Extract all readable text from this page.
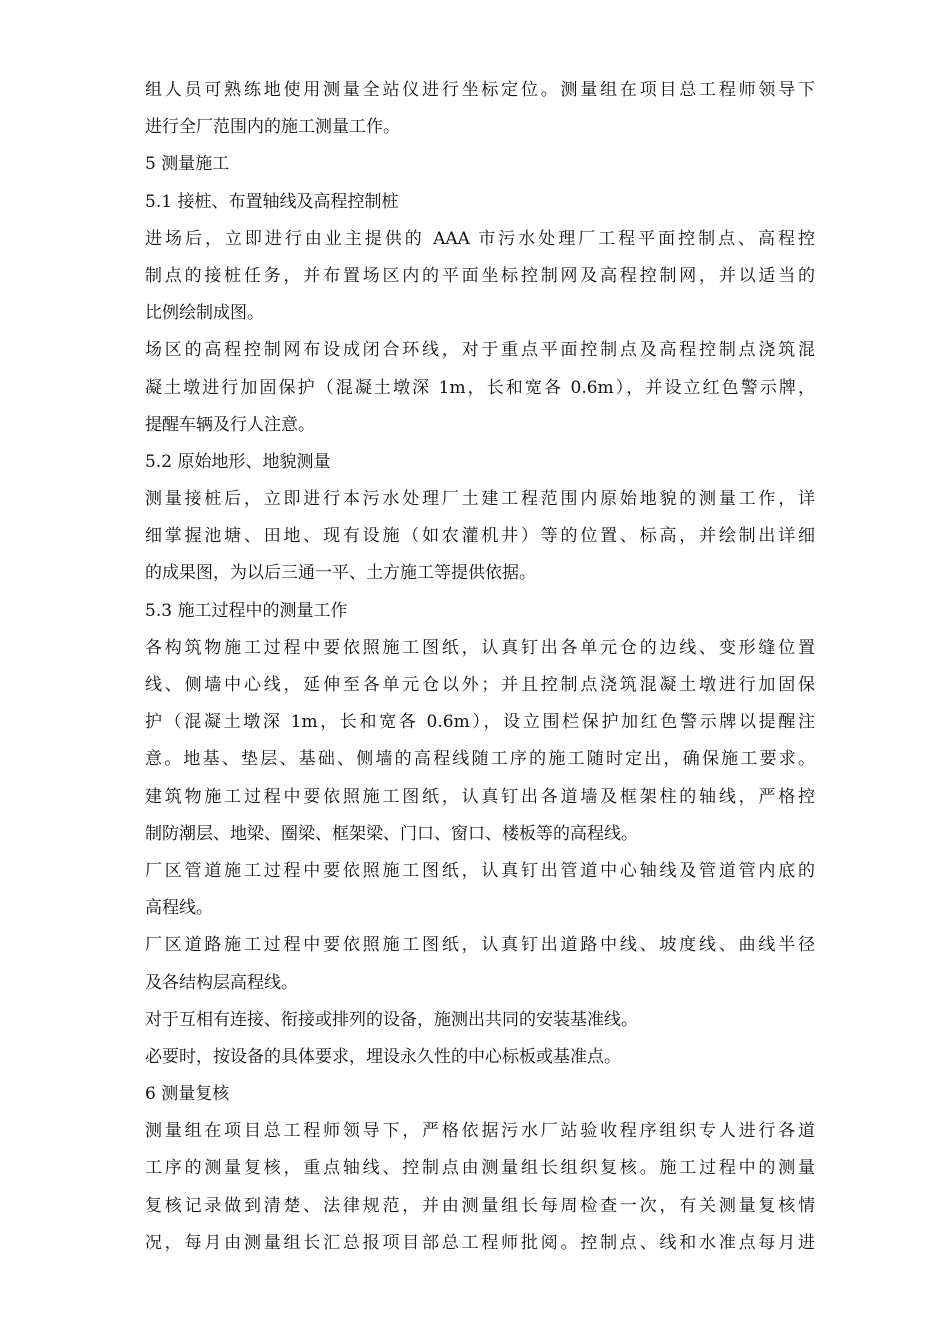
组人员可熟练地使用测量全站仪进行坐标定位。测量组在项目总工程师领导下
进行全厂范围内的施工测量工作。
5 测量施工
5.1 接桩、布置轴线及高程控制桩
进场后，立即进行由业主提供的 AAA 市污水处理厂工程平面控制点、高程控
制点的接桩任务，并布置场区内的平面坐标控制网及高程控制网，并以适当的
比例绘制成图。
场区的高程控制网布设成闭合环线，对于重点平面控制点及高程控制点浇筑混
凝土墩进行加固保护（混凝土墩深 1m，长和宽各 0.6m），并设立红色警示牌，
提醒车辆及行人注意。
5.2 原始地形、地貌测量
测量接桩后，立即进行本污水处理厂土建工程范围内原始地貌的测量工作，详
细掌握池塘、田地、现有设施（如农灌机井）等的位置、标高，并绘制出详细
的成果图，为以后三通一平、土方施工等提供依据。
5.3 施工过程中的测量工作
各构筑物施工过程中要依照施工图纸，认真钉出各单元仓的边线、变形缝位置
线、侧墙中心线，延伸至各单元仓以外；并且控制点浇筑混凝土墩进行加固保
护（混凝土墩深 1m，长和宽各 0.6m），设立围栏保护加红色警示牌以提醒注
意。地基、垫层、基础、侧墙的高程线随工序的施工随时定出，确保施工要求。
建筑物施工过程中要依照施工图纸，认真钉出各道墙及框架柱的轴线，严格控
制防潮层、地梁、圈梁、框架梁、门口、窗口、楼板等的高程线。
厂区管道施工过程中要依照施工图纸，认真钉出管道中心轴线及管道管内底的
高程线。
厂区道路施工过程中要依照施工图纸，认真钉出道路中线、坡度线、曲线半径
及各结构层高程线。
对于互相有连接、衔接或排列的设备，施测出共同的安装基准线。
必要时，按设备的具体要求，埋设永久性的中心标板或基准点。
6 测量复核
测量组在项目总工程师领导下，严格依据污水厂站验收程序组织专人进行各道
工序的测量复核，重点轴线、控制点由测量组长组织复核。施工过程中的测量
复核记录做到清楚、法律规范，并由测量组长每周检查一次，有关测量复核情
况，每月由测量组长汇总报项目部总工程师批阅。控制点、线和水准点每月进
